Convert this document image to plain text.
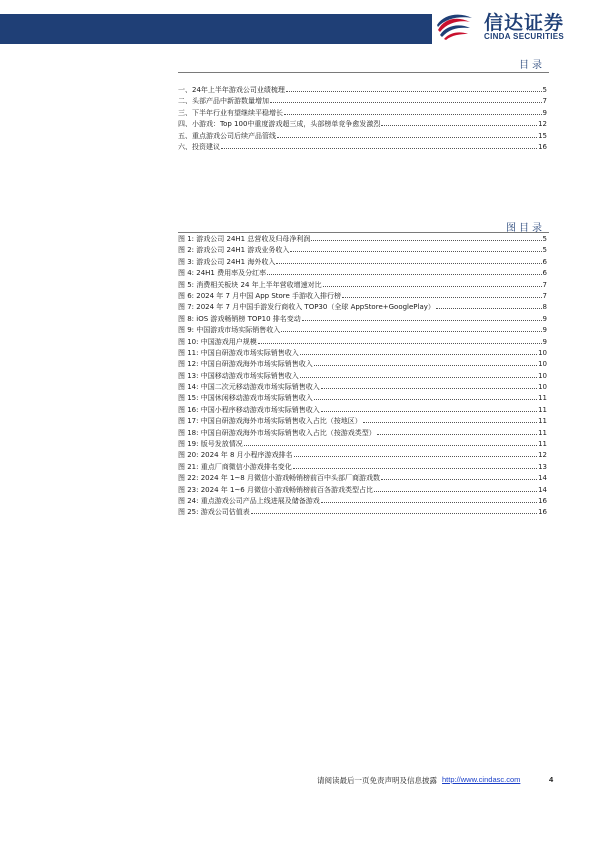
信达证券
CINDA SECURITIES
目录
一、24年上半年游戏公司业绩梳理	5
二、头部产品中新游数量增加	7
三、下半年行业有望继续平稳增长	9
四、小游戏：Top 100中重度游戏超三成，头部榜单竞争愈发激烈	12
五、重点游戏公司后续产品管线	15
六、投资建议	16
图目录
图 1: 游戏公司 24H1 总营收及归母净利润	5
图 2: 游戏公司 24H1 游戏业务收入	5
图 3: 游戏公司 24H1 海外收入	6
图 4: 24H1 费用率及分红率	6
图 5: 消费相关板块 24 年上半年营收增速对比	7
图 6: 2024 年 7 月中国 App Store 手游收入排行榜	7
图 7: 2024 年 7 月中国手游发行商收入 TOP30（全球 AppStore+GooglePlay）	8
图 8: iOS 游戏畅销榜 TOP10 排名变动	9
图 9: 中国游戏市场实际销售收入	9
图 10: 中国游戏用户规模	9
图 11: 中国自研游戏市场实际销售收入	10
图 12: 中国自研游戏海外市场实际销售收入	10
图 13: 中国移动游戏市场实际销售收入	10
图 14: 中国二次元移动游戏市场实际销售收入	10
图 15: 中国休闲移动游戏市场实际销售收入	11
图 16: 中国小程序移动游戏市场实际销售收入	11
图 17: 中国自研游戏海外市场实际销售收入占比（按地区）	11
图 18: 中国自研游戏海外市场实际销售收入占比（按游戏类型）	11
图 19: 版号发放情况	11
图 20: 2024 年 8 月小程序游戏排名	12
图 21: 重点厂商微信小游戏排名变化	13
图 22: 2024 年 1~8 月微信小游戏畅销榜前百中头部厂商游戏数	14
图 23: 2024 年 1~6 月微信小游戏畅销榜前百各游戏类型占比	14
图 24: 重点游戏公司产品上线进展及储备游戏	16
图 25: 游戏公司估值表	16
请阅读最后一页免责声明及信息披露 http://www.cindasc.com	4
